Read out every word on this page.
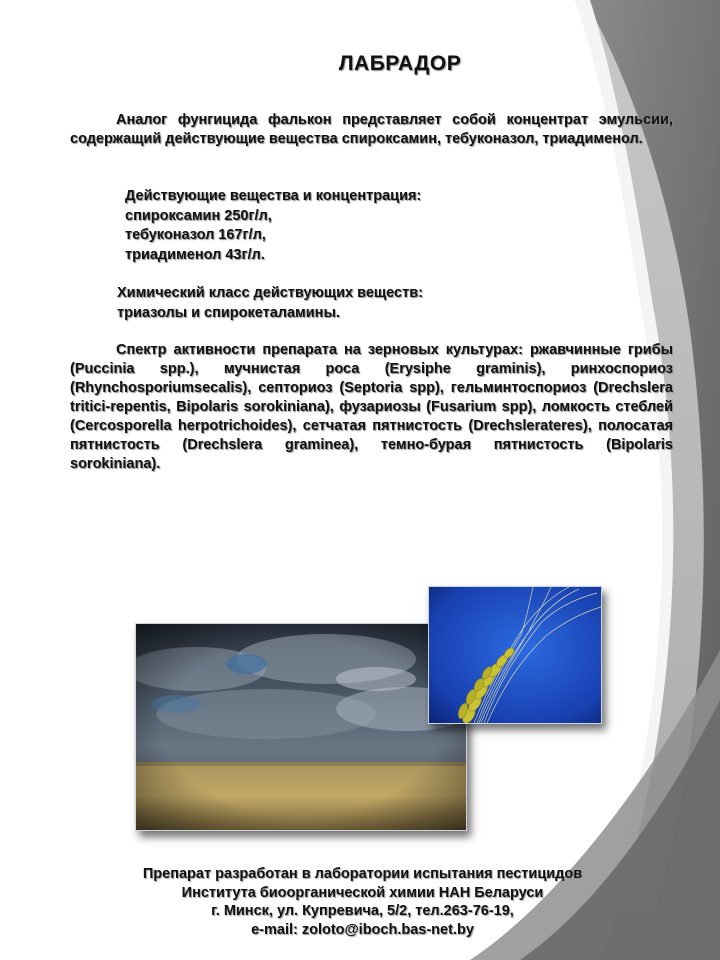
ЛАБРАДОР
Аналог фунгицида фалькон представляет собой концентрат эмульсии, содержащий действующие вещества спироксамин, тебуконазол, триадименол.
Действующие вещества и концентрация:
спироксамин 250г/л,
тебуконазол 167г/л,
триадименол 43г/л.
Химический класс действующих веществ:
триазолы и спирокеталамины.
Спектр активности препарата на зерновых культурах: ржавчинные грибы (Puccinia spp.), мучнистая роса (Erysiphe graminis), ринхоспориоз (Rhynchosporiumsecalis), септориоз (Septoria spp), гельминтоспориоз (Drechslera tritici-repentis, Bipolaris sorokiniana), фузариозы (Fusarium spp), ломкость стеблей (Cercosporella herpotrichoides), сетчатая пятнистость (Drechslerateres), полосатая пятнистость (Drechslera graminea), темно-бурая пятнистость (Bipolaris sorokiniana).
Препарат разработан в лаборатории испытания пестицидов
Института биоорганической химии НАН Беларуси
г. Минск, ул. Купревича, 5/2, тел.263-76-19,
e-mail: zoloto@iboch.bas-net.by
